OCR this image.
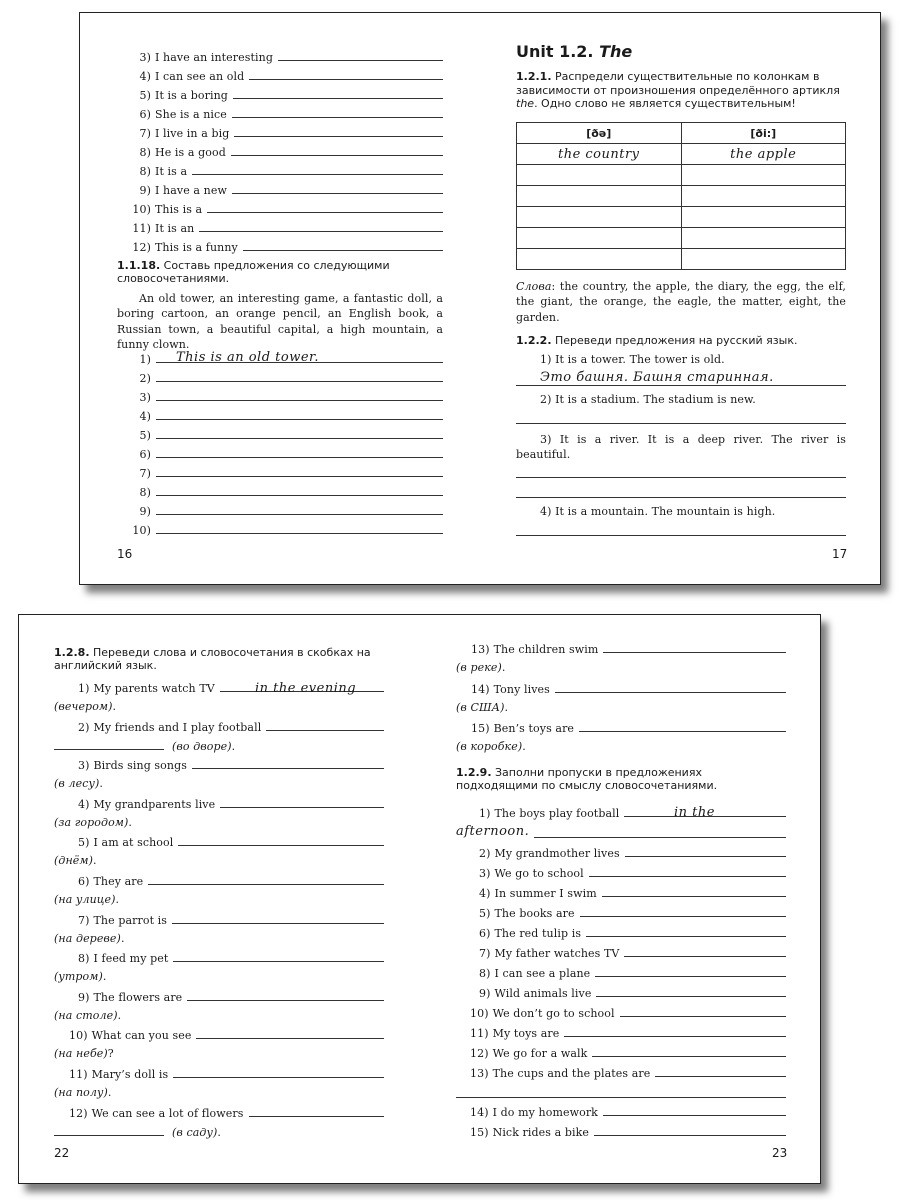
3) I have an interesting
4) I can see an old
5) It is a boring
6) She is a nice
7) I live in a big
8) He is a good
8) It is a
9) I have a new
10) This is a
11) It is an
12) This is a funny
1.1.18. Составь предложения со следующими словосочетаниями.
An old tower, an interesting game, a fantastic doll, a boring cartoon, an orange pencil, an English book, a Russian town, a beautiful capital, a high mountain, a funny clown.
1)
2)
3)
4)
5)
6)
7)
8)
9)
10)
This is an old tower.
16
Unit 1.2. The
1.2.1. Распредели существительные по колонкам в зависимости от произношения определённого артикля the. Одно слово не является существительным!
[ðə]	[ði:]
the country	the apple

Слова: the country, the apple, the diary, the egg, the elf, the giant, the orange, the eagle, the matter, eight, the garden.
1.2.2. Переведи предложения на русский язык.
1) It is a tower. The tower is old.
Это башня. Башня старинная.
2) It is a stadium. The stadium is new.
3) It is a river. It is a deep river. The river is beautiful.
4) It is a mountain. The mountain is high.
17
1.2.8. Переведи слова и словосочетания в скобках на английский язык.
1) My parents watch TV
(вечером) .
2) My friends and I play football
(во дворе) .
3) Birds sing songs
(в лесу) .
4) My grandparents live
(за городом) .
5) I am at school
(днём) .
6) They are
(на улице) .
7) The parrot is
(на дереве) .
8) I feed my pet
(утром) .
9) The flowers are
(на столе) .
10) What can you see
(на небе) ?
11) Mary’s doll is
(на полу) .
12) We can see a lot of flowers
(в саду) .
in the evening
22
13) The children swim
(в реке) .
14) Tony lives
(в США) .
15) Ben’s toys are
(в коробке) .
1.2.9. Заполни пропуски в предложениях подходящими по смыслу словосочетаниями.
1) The boys play football
2) My grandmother lives
3) We go to school
4) In summer I swim
5) The books are
6) The red tulip is
7) My father watches TV
8) I can see a plane
9) Wild animals live
10) We don’t go to school
11) My toys are
12) We go for a walk
13) The cups and the plates are
14) I do my homework
15) Nick rides a bike
in the
afternoon.
23
